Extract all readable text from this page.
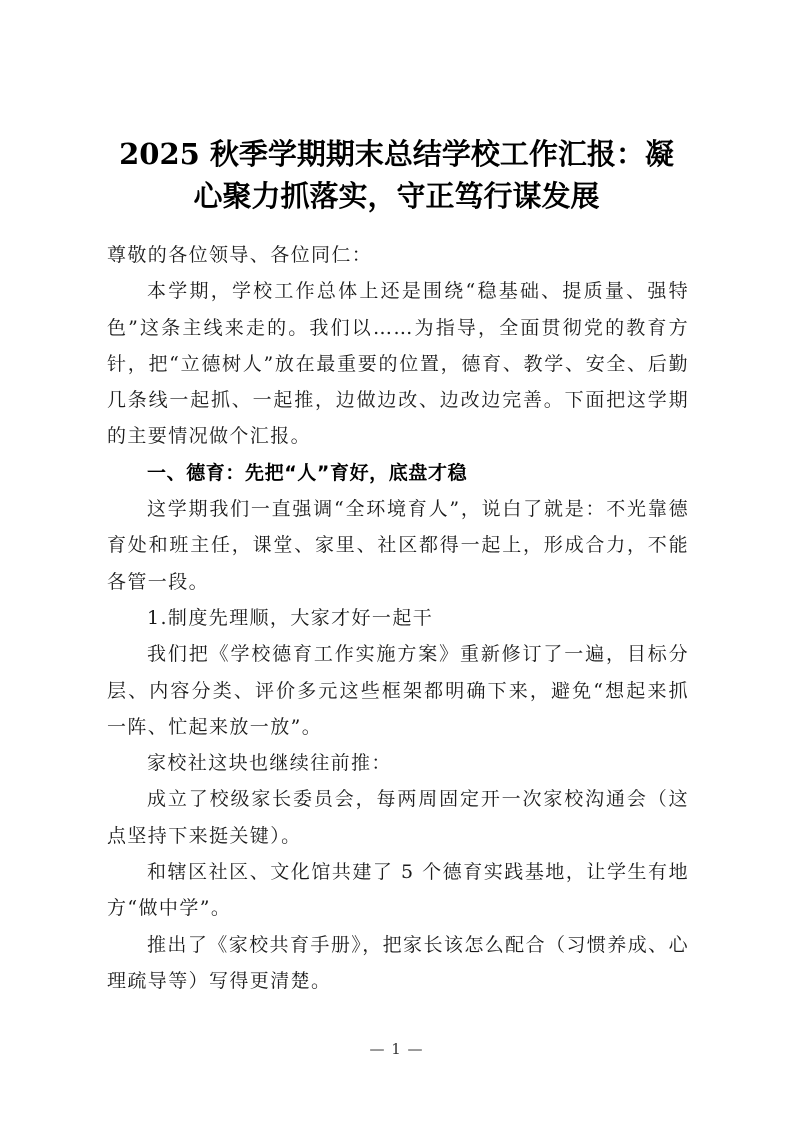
2025 秋季学期期末总结学校工作汇报：凝
心聚力抓落实，守正笃行谋发展

尊敬的各位领导、各位同仁：

本学期，学校工作总体上还是围绕“稳基础、提质量、强特色”这条主线来走的。我们以……为指导，全面贯彻党的教育方针，把“立德树人”放在最重要的位置，德育、教学、安全、后勤几条线一起抓、一起推，边做边改、边改边完善。下面把这学期的主要情况做个汇报。

一、德育：先把“人”育好，底盘才稳

这学期我们一直强调“全环境育人”，说白了就是：不光靠德育处和班主任，课堂、家里、社区都得一起上，形成合力，不能各管一段。

1.制度先理顺，大家才好一起干

我们把《学校德育工作实施方案》重新修订了一遍，目标分层、内容分类、评价多元这些框架都明确下来，避免“想起来抓一阵、忙起来放一放”。

家校社这块也继续往前推：

成立了校级家长委员会，每两周固定开一次家校沟通会（这点坚持下来挺关键）。

和辖区社区、文化馆共建了 5 个德育实践基地，让学生有地方“做中学”。

推出了《家校共育手册》，把家长该怎么配合（习惯养成、心理疏导等）写得更清楚。

— 1 —
